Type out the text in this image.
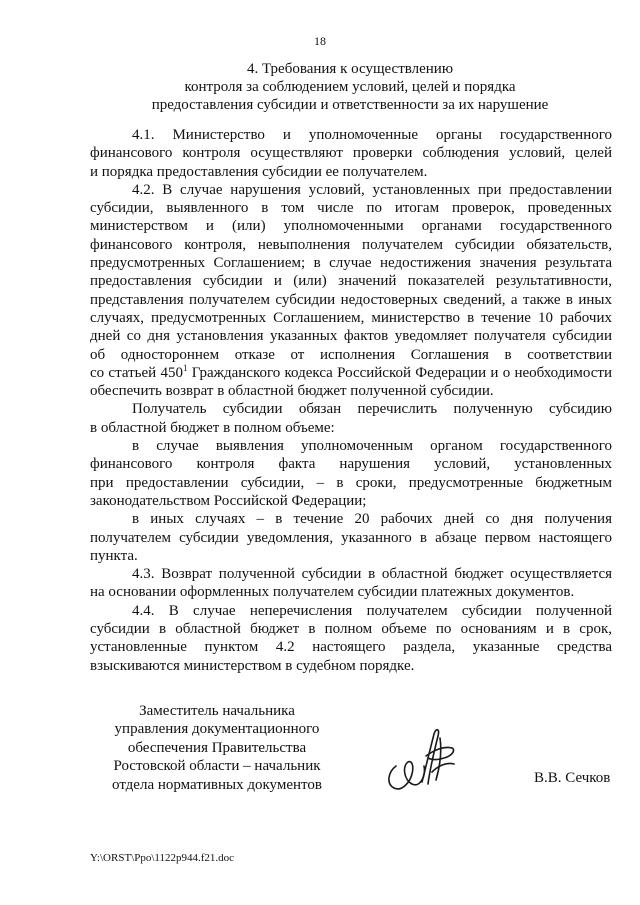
18
4. Требования к осуществлению
контроля за соблюдением условий, целей и порядка
предоставления субсидии и ответственности за их нарушение

4.1. Министерство и уполномоченные органы государственного
финансового контроля осуществляют проверки соблюдения условий, целей
и порядка предоставления субсидии ее получателем.

4.2. В случае нарушения условий, установленных при предоставлении
субсидии, выявленного в том числе по итогам проверок, проведенных
министерством и (или) уполномоченными органами государственного
финансового контроля, невыполнения получателем субсидии обязательств,
предусмотренных Соглашением; в случае недостижения значения результата
предоставления субсидии и (или) значений показателей результативности,
представления получателем субсидии недостоверных сведений, а также в иных
случаях, предусмотренных Соглашением, министерство в течение 10 рабочих
дней со дня установления указанных фактов уведомляет получателя субсидии
об одностороннем отказе от исполнения Соглашения в соответствии
со статьей $450^1$ Гражданского кодекса Российской Федерации и о необходимости
обеспечить возврат в областной бюджет полученной субсидии.

Получатель субсидии обязан перечислить полученную субсидию
в областной бюджет в полном объеме:

в случае выявления уполномоченным органом государственного
финансового контроля факта нарушения условий, установленных
при предоставлении субсидии, – в сроки, предусмотренные бюджетным
законодательством Российской Федерации;

в иных случаях – в течение 20 рабочих дней со дня получения
получателем субсидии уведомления, указанного в абзаце первом настоящего
пункта.

4.3. Возврат полученной субсидии в областной бюджет осуществляется
на основании оформленных получателем субсидии платежных документов.

4.4. В случае неперечисления получателем субсидии полученной
субсидии в областной бюджет в полном объеме по основаниям и в срок,
установленные пунктом 4.2 настоящего раздела, указанные средства
взыскиваются министерством в судебном порядке.

Заместитель начальника
управления документационного
обеспечения Правительства
Ростовской области – начальник
отдела нормативных документов	В.В. Сечков
Y:\ORST\Ppo\1122p944.f21.doc
